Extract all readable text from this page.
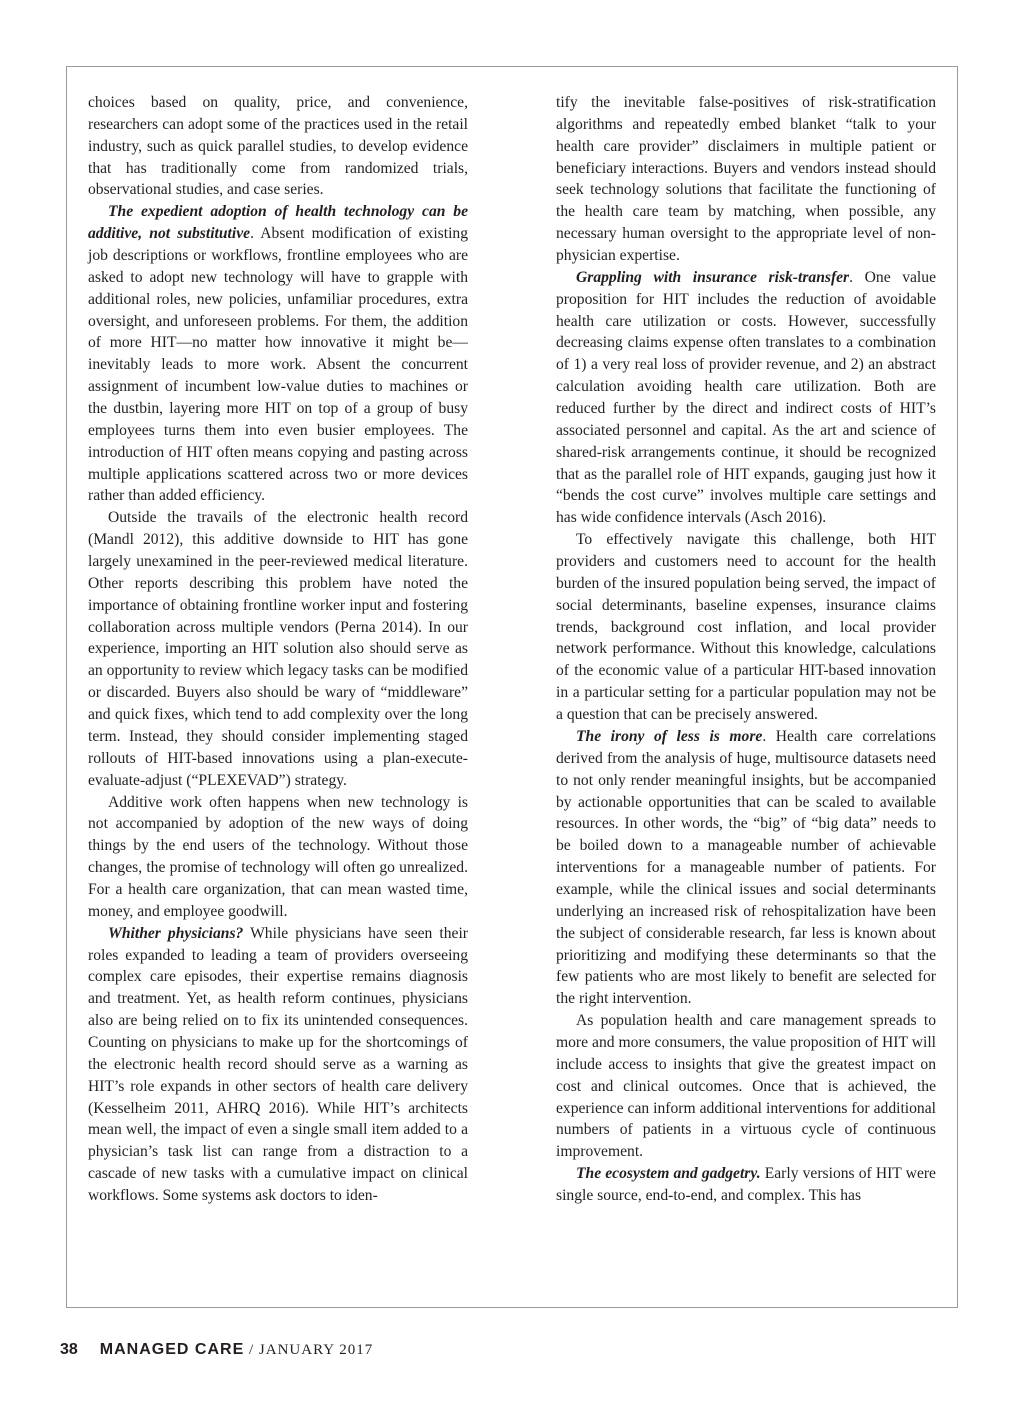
choices based on quality, price, and convenience, researchers can adopt some of the practices used in the retail industry, such as quick parallel studies, to develop evidence that has traditionally come from randomized trials, observational studies, and case series.

The expedient adoption of health technology can be additive, not substitutive. Absent modification of existing job descriptions or workflows, frontline employees who are asked to adopt new technology will have to grapple with additional roles, new policies, unfamiliar procedures, extra oversight, and unforeseen problems. For them, the addition of more HIT—no matter how innovative it might be—inevitably leads to more work. Absent the concurrent assignment of incumbent low-value duties to machines or the dustbin, layering more HIT on top of a group of busy employees turns them into even busier employees. The introduction of HIT often means copying and pasting across multiple applications scattered across two or more devices rather than added efficiency.

Outside the travails of the electronic health record (Mandl 2012), this additive downside to HIT has gone largely unexamined in the peer-reviewed medical literature. Other reports describing this problem have noted the importance of obtaining frontline worker input and fostering collaboration across multiple vendors (Perna 2014). In our experience, importing an HIT solution also should serve as an opportunity to review which legacy tasks can be modified or discarded. Buyers also should be wary of “middleware” and quick fixes, which tend to add complexity over the long term. Instead, they should consider implementing staged rollouts of HIT-based innovations using a plan-execute-evaluate-adjust (“PLEXEVAD”) strategy.

Additive work often happens when new technology is not accompanied by adoption of the new ways of doing things by the end users of the technology. Without those changes, the promise of technology will often go unrealized. For a health care organization, that can mean wasted time, money, and employee goodwill.

Whither physicians? While physicians have seen their roles expanded to leading a team of providers overseeing complex care episodes, their expertise remains diagnosis and treatment. Yet, as health reform continues, physicians also are being relied on to fix its unintended consequences. Counting on physicians to make up for the shortcomings of the electronic health record should serve as a warning as HIT’s role expands in other sectors of health care delivery (Kesselheim 2011, AHRQ 2016). While HIT’s architects mean well, the impact of even a single small item added to a physician’s task list can range from a distraction to a cascade of new tasks with a cumulative impact on clinical workflows. Some systems ask doctors to iden-

tify the inevitable false-positives of risk-stratification algorithms and repeatedly embed blanket “talk to your health care provider” disclaimers in multiple patient or beneficiary interactions. Buyers and vendors instead should seek technology solutions that facilitate the functioning of the health care team by matching, when possible, any necessary human oversight to the appropriate level of non-physician expertise.

Grappling with insurance risk-transfer. One value proposition for HIT includes the reduction of avoidable health care utilization or costs. However, successfully decreasing claims expense often translates to a combination of 1) a very real loss of provider revenue, and 2) an abstract calculation avoiding health care utilization. Both are reduced further by the direct and indirect costs of HIT’s associated personnel and capital. As the art and science of shared-risk arrangements continue, it should be recognized that as the parallel role of HIT expands, gauging just how it “bends the cost curve” involves multiple care settings and has wide confidence intervals (Asch 2016).

To effectively navigate this challenge, both HIT providers and customers need to account for the health burden of the insured population being served, the impact of social determinants, baseline expenses, insurance claims trends, background cost inflation, and local provider network performance. Without this knowledge, calculations of the economic value of a particular HIT-based innovation in a particular setting for a particular population may not be a question that can be precisely answered.

The irony of less is more. Health care correlations derived from the analysis of huge, multisource datasets need to not only render meaningful insights, but be accompanied by actionable opportunities that can be scaled to available resources. In other words, the “big” of “big data” needs to be boiled down to a manageable number of achievable interventions for a manageable number of patients. For example, while the clinical issues and social determinants underlying an increased risk of rehospitalization have been the subject of considerable research, far less is known about prioritizing and modifying these determinants so that the few patients who are most likely to benefit are selected for the right intervention.

As population health and care management spreads to more and more consumers, the value proposition of HIT will include access to insights that give the greatest impact on cost and clinical outcomes. Once that is achieved, the experience can inform additional interventions for additional numbers of patients in a virtuous cycle of continuous improvement.

The ecosystem and gadgetry. Early versions of HIT were single source, end-to-end, and complex. This has

38 MANAGED CARE / JANUARY 2017
